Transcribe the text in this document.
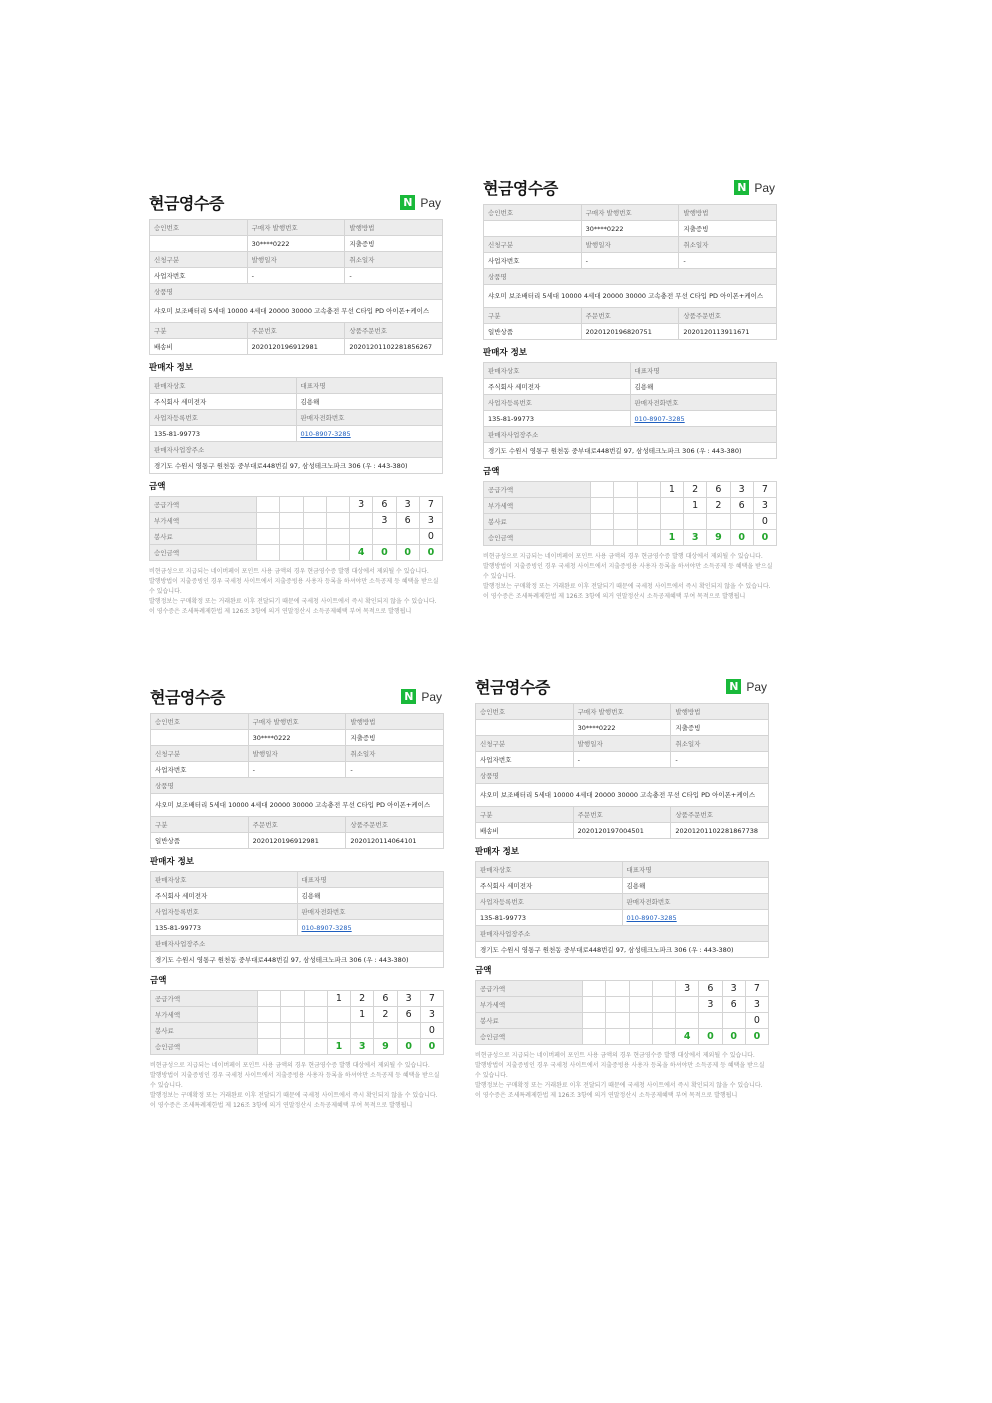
현금영수증	N Pay
승인번호	구매자 발행번호	발행방법
	30****0222	지출증빙
신청구분	발행일자	취소일자
사업자번호	-	-
상품명		
샤오미 보조배터리 5세대 10000 4세대 20000 30000 고속충전 무선 C타입 PD 아이폰+케이스		
구분	주문번호	상품주문번호
배송비	2020120196912981	20201201102281856267
판매자 정보
판매자상호	대표자명
주식회사 세미전자	김용해
사업자등록번호	판매자전화번호
135-81-99773	010-8907-3285
판매자사업장주소	
경기도 수원시 영통구 원천동 중부대로448번길 97, 삼성테크노파크 306 (우 : 443-380)	
금액
공급가액					3	6	3	7
부가세액						3	6	3
봉사료								0
승인금액					4	0	0	0
비현금성으로 지급되는 네이버페이 포인트 사용 금액의 경우 현금영수증 발행 대상에서 제외될 수 있습니다.
발행방법이 지출증빙인 경우 국세청 사이트에서 지출증빙용 사용자 등록을 하셔야만 소득공제 등 혜택을 받으실 수 있습니다.
발행정보는 구매확정 또는 거래완료 이후 전달되기 때문에 국세청 사이트에서 즉시 확인되지 않을 수 있습니다.
이 영수증은 조세특례제한법 제 126조 3항에 의거 연말정산시 소득공제혜택 부여 목적으로 발행됩니
현금영수증	N Pay
승인번호	구매자 발행번호	발행방법
	30****0222	지출증빙
신청구분	발행일자	취소일자
사업자번호	-	-
상품명		
샤오미 보조배터리 5세대 10000 4세대 20000 30000 고속충전 무선 C타입 PD 아이폰+케이스		
구분	주문번호	상품주문번호
일반상품	2020120196820751	2020120113911671
판매자 정보
판매자상호	대표자명
주식회사 세미전자	김용해
사업자등록번호	판매자전화번호
135-81-99773	010-8907-3285
판매자사업장주소	
경기도 수원시 영통구 원천동 중부대로448번길 97, 삼성테크노파크 306 (우 : 443-380)	
금액
공급가액				1	2	6	3	7
부가세액					1	2	6	3
봉사료								0
승인금액				1	3	9	0	0
비현금성으로 지급되는 네이버페이 포인트 사용 금액의 경우 현금영수증 발행 대상에서 제외될 수 있습니다.
발행방법이 지출증빙인 경우 국세청 사이트에서 지출증빙용 사용자 등록을 하셔야만 소득공제 등 혜택을 받으실 수 있습니다.
발행정보는 구매확정 또는 거래완료 이후 전달되기 때문에 국세청 사이트에서 즉시 확인되지 않을 수 있습니다.
이 영수증은 조세특례제한법 제 126조 3항에 의거 연말정산시 소득공제혜택 부여 목적으로 발행됩니
현금영수증	N Pay
승인번호	구매자 발행번호	발행방법
	30****0222	지출증빙
신청구분	발행일자	취소일자
사업자번호	-	-
상품명		
샤오미 보조배터리 5세대 10000 4세대 20000 30000 고속충전 무선 C타입 PD 아이폰+케이스		
구분	주문번호	상품주문번호
일반상품	2020120196912981	2020120114064101
판매자 정보
판매자상호	대표자명
주식회사 세미전자	김용해
사업자등록번호	판매자전화번호
135-81-99773	010-8907-3285
판매자사업장주소	
경기도 수원시 영통구 원천동 중부대로448번길 97, 삼성테크노파크 306 (우 : 443-380)	
금액
공급가액				1	2	6	3	7
부가세액					1	2	6	3
봉사료								0
승인금액				1	3	9	0	0
비현금성으로 지급되는 네이버페이 포인트 사용 금액의 경우 현금영수증 발행 대상에서 제외될 수 있습니다.
발행방법이 지출증빙인 경우 국세청 사이트에서 지출증빙용 사용자 등록을 하셔야만 소득공제 등 혜택을 받으실 수 있습니다.
발행정보는 구매확정 또는 거래완료 이후 전달되기 때문에 국세청 사이트에서 즉시 확인되지 않을 수 있습니다.
이 영수증은 조세특례제한법 제 126조 3항에 의거 연말정산시 소득공제혜택 부여 목적으로 발행됩니
현금영수증	N Pay
승인번호	구매자 발행번호	발행방법
	30****0222	지출증빙
신청구분	발행일자	취소일자
사업자번호	-	-
상품명		
샤오미 보조배터리 5세대 10000 4세대 20000 30000 고속충전 무선 C타입 PD 아이폰+케이스		
구분	주문번호	상품주문번호
배송비	2020120197004501	20201201102281867738
판매자 정보
판매자상호	대표자명
주식회사 세미전자	김용해
사업자등록번호	판매자전화번호
135-81-99773	010-8907-3285
판매자사업장주소	
경기도 수원시 영통구 원천동 중부대로448번길 97, 삼성테크노파크 306 (우 : 443-380)	
금액
공급가액					3	6	3	7
부가세액						3	6	3
봉사료								0
승인금액					4	0	0	0
비현금성으로 지급되는 네이버페이 포인트 사용 금액의 경우 현금영수증 발행 대상에서 제외될 수 있습니다.
발행방법이 지출증빙인 경우 국세청 사이트에서 지출증빙용 사용자 등록을 하셔야만 소득공제 등 혜택을 받으실 수 있습니다.
발행정보는 구매확정 또는 거래완료 이후 전달되기 때문에 국세청 사이트에서 즉시 확인되지 않을 수 있습니다.
이 영수증은 조세특례제한법 제 126조 3항에 의거 연말정산시 소득공제혜택 부여 목적으로 발행됩니
